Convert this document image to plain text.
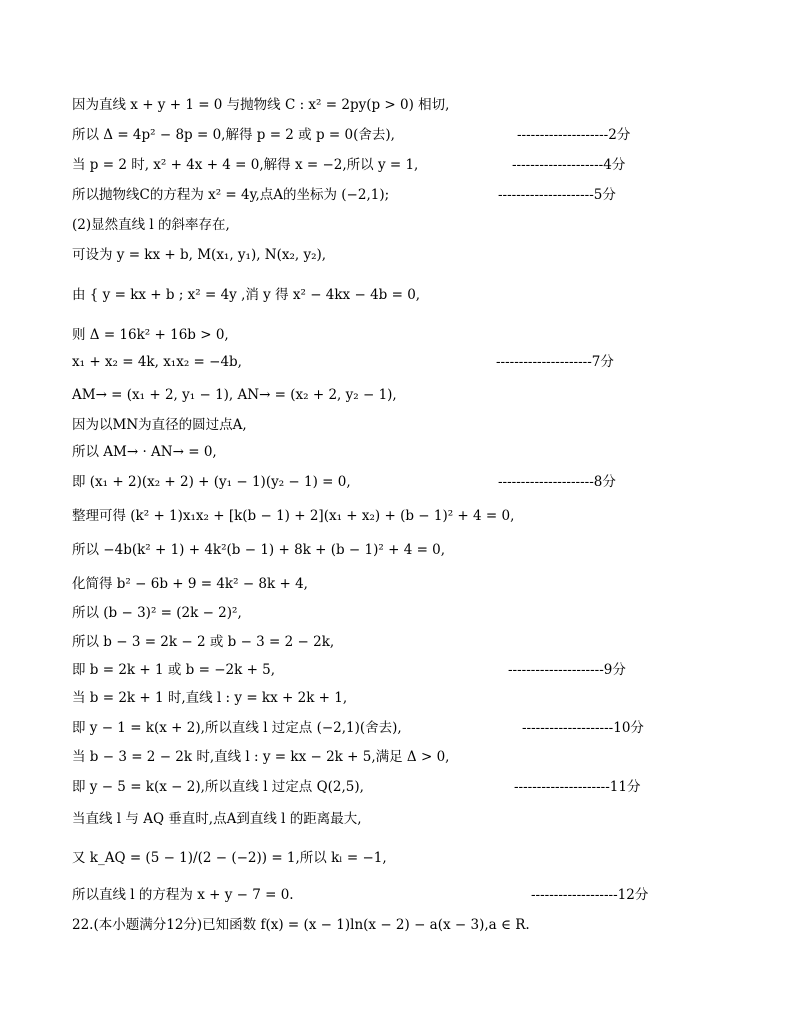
因为直线 x + y + 1 = 0 与抛物线 C : x² = 2py(p > 0) 相切,
所以 Δ = 4p² − 8p = 0,解得 p = 2 或 p = 0(舍去),
当 p = 2 时, x² + 4x + 4 = 0,解得 x = −2,所以 y = 1,
所以抛物线C的方程为 x² = 4y,点A的坐标为 (−2,1);
(2)显然直线 l 的斜率存在,
可设为 y = kx + b, M(x₁, y₁), N(x₂, y₂),
由 { y = kx + b ; x² = 4y ,消 y 得 x² − 4kx − 4b = 0,
则 Δ = 16k² + 16b > 0,
x₁ + x₂ = 4k, x₁x₂ = −4b,
AM→ = (x₁ + 2, y₁ − 1), AN→ = (x₂ + 2, y₂ − 1),
因为以MN为直径的圆过点A,
所以 AM→ · AN→ = 0,
即 (x₁ + 2)(x₂ + 2) + (y₁ − 1)(y₂ − 1) = 0,
整理可得 (k² + 1)x₁x₂ + [k(b − 1) + 2](x₁ + x₂) + (b − 1)² + 4 = 0,
所以 −4b(k² + 1) + 4k²(b − 1) + 8k + (b − 1)² + 4 = 0,
化简得 b² − 6b + 9 = 4k² − 8k + 4,
所以 (b − 3)² = (2k − 2)²,
所以 b − 3 = 2k − 2 或 b − 3 = 2 − 2k,
即 b = 2k + 1 或 b = −2k + 5,
当 b = 2k + 1 时,直线 l : y = kx + 2k + 1,
即 y − 1 = k(x + 2),所以直线 l 过定点 (−2,1)(舍去),
当 b − 3 = 2 − 2k 时,直线 l : y = kx − 2k + 5,满足 Δ > 0,
即 y − 5 = k(x − 2),所以直线 l 过定点 Q(2,5),
当直线 l 与 AQ 垂直时,点A到直线 l 的距离最大,
又 k_AQ = (5 − 1)/(2 − (−2)) = 1,所以 kₗ = −1,
所以直线 l 的方程为 x + y − 7 = 0.
22.(本小题满分12分)已知函数 f(x) = (x − 1)ln(x − 2) − a(x − 3),a ∈ R.
--------------------2分
--------------------4分
---------------------5分
---------------------7分
---------------------8分
---------------------9分
--------------------10分
---------------------11分
-------------------12分
